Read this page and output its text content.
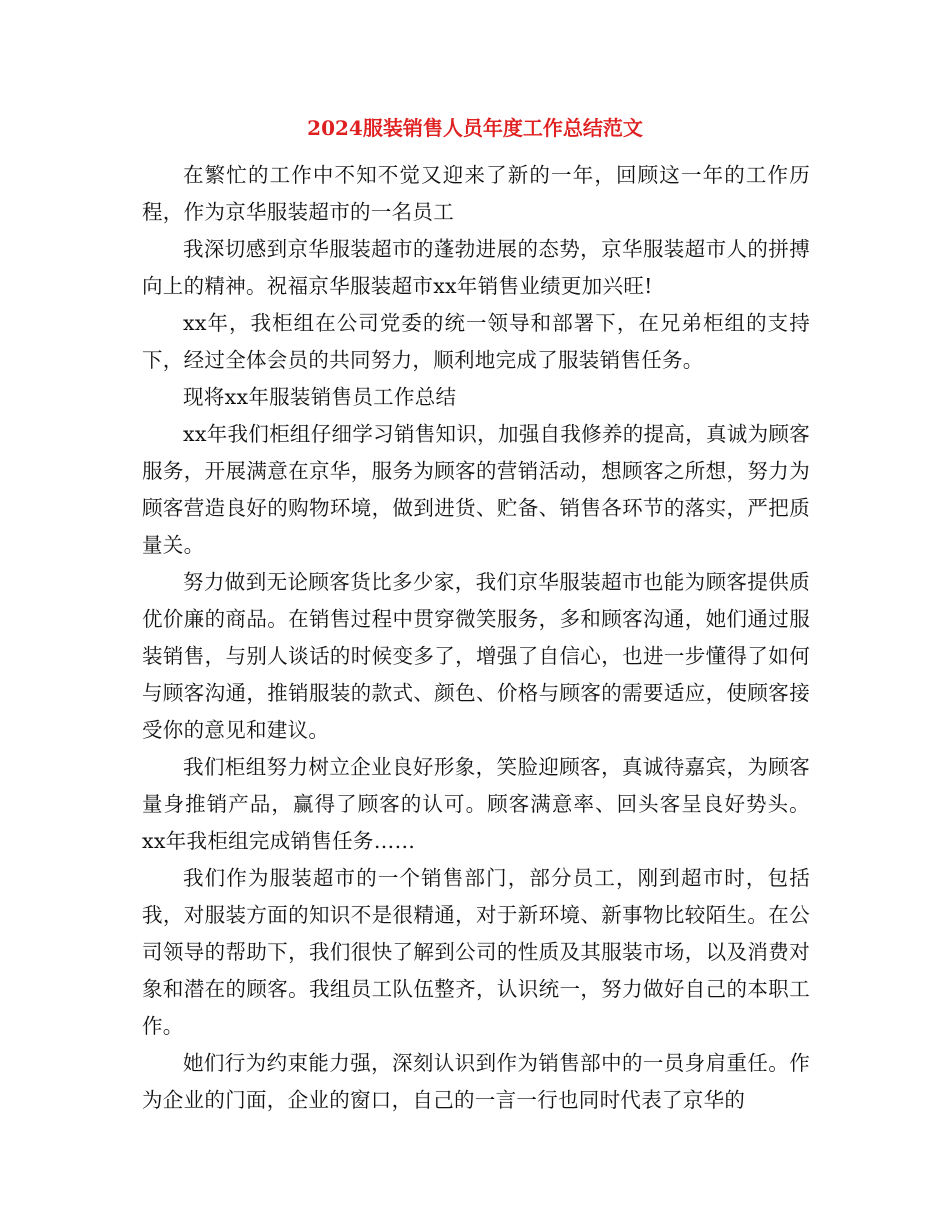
2024服装销售人员年度工作总结范文

在繁忙的工作中不知不觉又迎来了新的一年，回顾这一年的工作历程，作为京华服装超市的一名员工

我深切感到京华服装超市的蓬勃进展的态势，京华服装超市人的拼搏向上的精神。祝福京华服装超市xx年销售业绩更加兴旺!

xx年，我柜组在公司党委的统一领导和部署下，在兄弟柜组的支持下，经过全体会员的共同努力，顺利地完成了服装销售任务。

现将xx年服装销售员工作总结

xx年我们柜组仔细学习销售知识，加强自我修养的提高，真诚为顾客服务，开展满意在京华，服务为顾客的营销活动，想顾客之所想，努力为顾客营造良好的购物环境，做到进货、贮备、销售各环节的落实，严把质量关。

努力做到无论顾客货比多少家，我们京华服装超市也能为顾客提供质优价廉的商品。在销售过程中贯穿微笑服务，多和顾客沟通，她们通过服装销售，与别人谈话的时候变多了，增强了自信心，也进一步懂得了如何与顾客沟通，推销服装的款式、颜色、价格与顾客的需要适应，使顾客接受你的意见和建议。

我们柜组努力树立企业良好形象，笑脸迎顾客，真诚待嘉宾，为顾客量身推销产品，赢得了顾客的认可。顾客满意率、回头客呈良好势头。xx年我柜组完成销售任务……

我们作为服装超市的一个销售部门，部分员工，刚到超市时，包括我，对服装方面的知识不是很精通，对于新环境、新事物比较陌生。在公司领导的帮助下，我们很快了解到公司的性质及其服装市场，以及消费对象和潜在的顾客。我组员工队伍整齐，认识统一，努力做好自己的本职工作。

她们行为约束能力强，深刻认识到作为销售部中的一员身肩重任。作为企业的门面，企业的窗口，自己的一言一行也同时代表了京华的
